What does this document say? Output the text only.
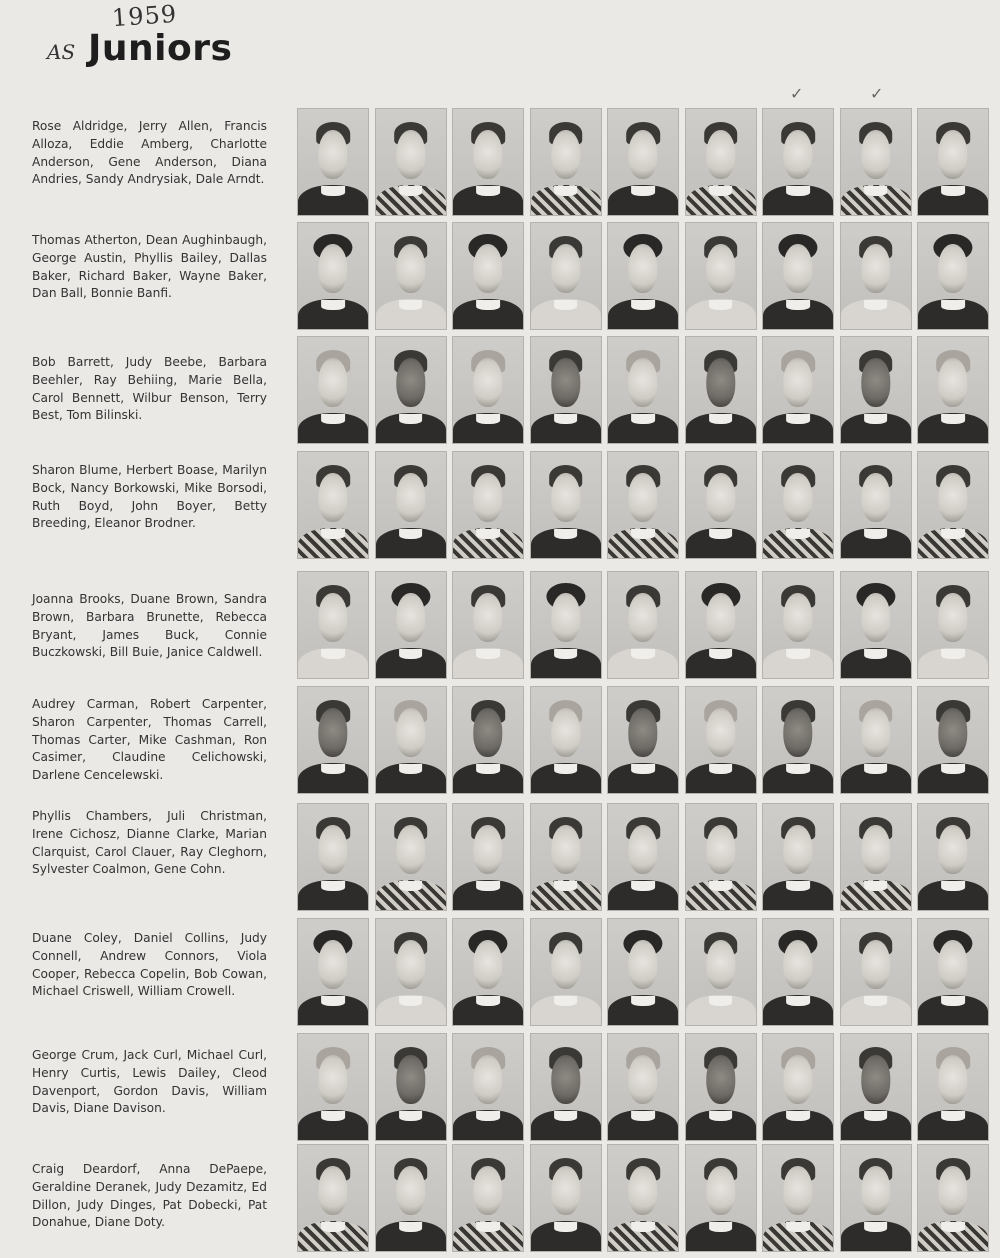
1959
AS Juniors
✓	✓
Rose Aldridge, Jerry Allen, Francis Alloza, Eddie Amberg, Charlotte Anderson, Gene Anderson, Diana Andries, Sandy Andrysiak, Dale Arndt.
Thomas Atherton, Dean Aughinbaugh, George Austin, Phyllis Bailey, Dallas Baker, Richard Baker, Wayne Baker, Dan Ball, Bonnie Banfi.
Bob Barrett, Judy Beebe, Barbara Beehler, Ray Behiing, Marie Bella, Carol Bennett, Wilbur Benson, Terry Best, Tom Bilinski.
Sharon Blume, Herbert Boase, Marilyn Bock, Nancy Borkowski, Mike Borsodi, Ruth Boyd, John Boyer, Betty Breeding, Eleanor Brodner.
Joanna Brooks, Duane Brown, Sandra Brown, Barbara Brunette, Rebecca Bryant, James Buck, Connie Buczkowski, Bill Buie, Janice Caldwell.
Audrey Carman, Robert Carpenter, Sharon Carpenter, Thomas Carrell, Thomas Carter, Mike Cashman, Ron Casimer, Claudine Celichowski, Darlene Cencelewski.
Phyllis Chambers, Juli Christman, Irene Cichosz, Dianne Clarke, Marian Clarquist, Carol Clauer, Ray Cleghorn, Sylvester Coalmon, Gene Cohn.
Duane Coley, Daniel Collins, Judy Connell, Andrew Connors, Viola Cooper, Rebecca Copelin, Bob Cowan, Michael Criswell, William Crowell.
George Crum, Jack Curl, Michael Curl, Henry Curtis, Lewis Dailey, Cleod Davenport, Gordon Davis, William Davis, Diane Davison.
Craig Deardorf, Anna DePaepe, Geraldine Deranek, Judy Dezamitz, Ed Dillon, Judy Dinges, Pat Dobecki, Pat Donahue, Diane Doty.
